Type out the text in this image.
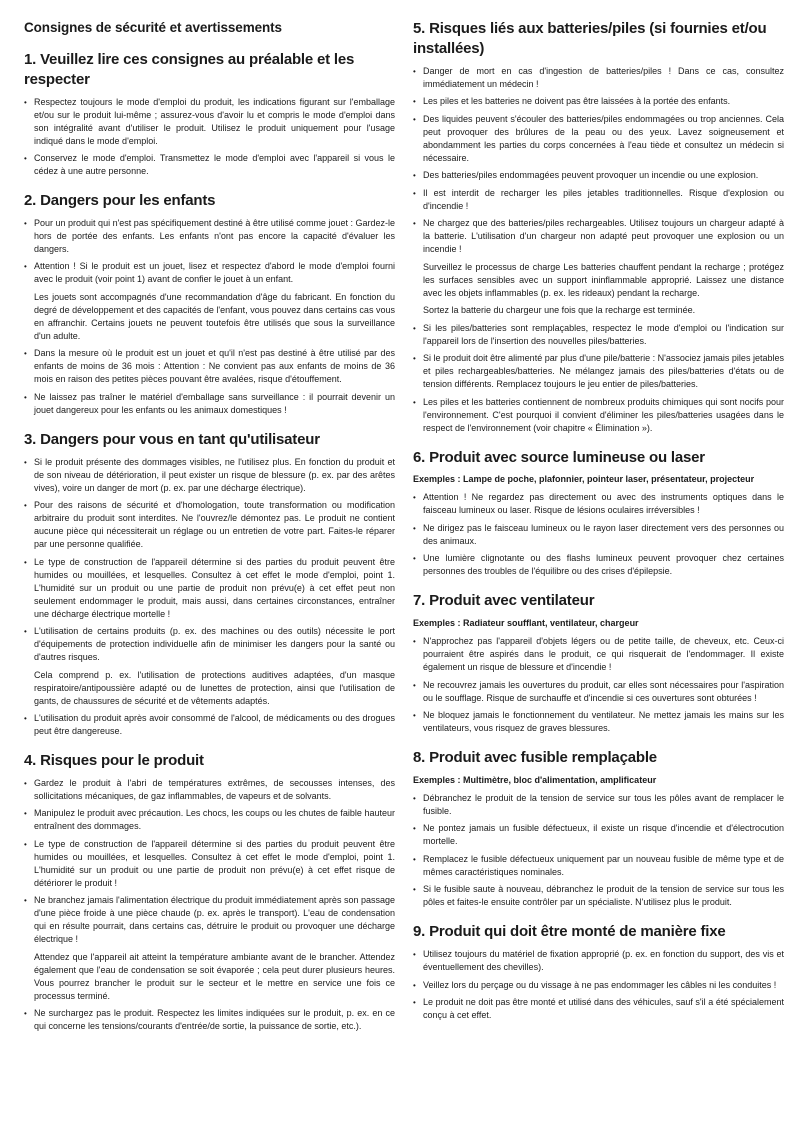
Consignes de sécurité et avertissements
1. Veuillez lire ces consignes au préalable et les respecter
• Respectez toujours le mode d'emploi du produit, les indications figurant sur l'emballage et/ou sur le produit lui-même ; assurez-vous d'avoir lu et compris le mode d'emploi dans son intégralité avant d'utiliser le produit. Utilisez le produit uniquement pour l'usage indiqué dans le mode d'emploi.
• Conservez le mode d'emploi. Transmettez le mode d'emploi avec l'appareil si vous le cédez à une autre personne.
2. Dangers pour les enfants
• Pour un produit qui n'est pas spécifiquement destiné à être utilisé comme jouet : Gardez-le hors de portée des enfants. Les enfants n'ont pas encore la capacité d'évaluer les dangers.
• Attention ! Si le produit est un jouet, lisez et respectez d'abord le mode d'emploi fourni avec le produit (voir point 1) avant de confier le jouet à un enfant.

Les jouets sont accompagnés d'une recommandation d'âge du fabricant. En fonction du degré de développement et des capacités de l'enfant, vous pouvez dans certains cas vous en affranchir. Certains jouets ne peuvent toutefois être utilisés que sous la surveillance d'un adulte.

• Dans la mesure où le produit est un jouet et qu'il n'est pas destiné à être utilisé par des enfants de moins de 36 mois : Attention : Ne convient pas aux enfants de moins de 36 mois en raison des petites pièces pouvant être avalées, risque d'étouffement.
• Ne laissez pas traîner le matériel d'emballage sans surveillance : il pourrait devenir un jouet dangereux pour les enfants ou les animaux domestiques !
3. Dangers pour vous en tant qu'utilisateur
• Si le produit présente des dommages visibles, ne l'utilisez plus. En fonction du produit et de son niveau de détérioration, il peut exister un risque de blessure (p. ex. par des arêtes vives), voire un danger de mort (p. ex. par une décharge électrique).
• Pour des raisons de sécurité et d'homologation, toute transformation ou modification arbitraire du produit sont interdites. Ne l'ouvrez/le démontez pas. Le produit ne contient aucune pièce qui nécessiterait un réglage ou un entretien de votre part. Faites-le réparer par une personne qualifiée.
• Le type de construction de l'appareil détermine si des parties du produit peuvent être humides ou mouillées, et lesquelles. Consultez à cet effet le mode d'emploi, point 1. L'humidité sur un produit ou une partie de produit non prévu(e) à cet effet peut non seulement endommager le produit, mais aussi, dans certaines circonstances, entraîner une décharge électrique mortelle !
• L'utilisation de certains produits (p. ex. des machines ou des outils) nécessite le port d'équipements de protection individuelle afin de minimiser les dangers pour la santé ou d'autres risques.

Cela comprend p. ex. l'utilisation de protections auditives adaptées, d'un masque respiratoire/antipoussière adapté ou de lunettes de protection, ainsi que l'utilisation de gants, de chaussures de sécurité et de vêtements adaptés.

• L'utilisation du produit après avoir consommé de l'alcool, de médicaments ou des drogues peut être dangereuse.
4. Risques pour le produit
• Gardez le produit à l'abri de températures extrêmes, de secousses intenses, des sollicitations mécaniques, de gaz inflammables, de vapeurs et de solvants.
• Manipulez le produit avec précaution. Les chocs, les coups ou les chutes de faible hauteur entraînent des dommages.
• Le type de construction de l'appareil détermine si des parties du produit peuvent être humides ou mouillées, et lesquelles. Consultez à cet effet le mode d'emploi, point 1. L'humidité sur un produit ou une partie de produit non prévu(e) à cet effet risque de détériorer le produit !
• Ne branchez jamais l'alimentation électrique du produit immédiatement après son passage d'une pièce froide à une pièce chaude (p. ex. après le transport). L'eau de condensation qui en résulte pourrait, dans certains cas, détruire le produit ou provoquer une décharge électrique !

Attendez que l'appareil ait atteint la température ambiante avant de le brancher. Attendez également que l'eau de condensation se soit évaporée ; cela peut durer plusieurs heures. Vous pourrez brancher le produit sur le secteur et le mettre en service une fois ce processus terminé.

• Ne surchargez pas le produit. Respectez les limites indiquées sur le produit, p. ex. en ce qui concerne les tensions/courants d'entrée/de sortie, la puissance de sortie, etc.).
5. Risques liés aux batteries/piles (si fournies et/ou installées)
• Danger de mort en cas d'ingestion de batteries/piles ! Dans ce cas, consultez immédiatement un médecin !
• Les piles et les batteries ne doivent pas être laissées à la portée des enfants.
• Des liquides peuvent s'écouler des batteries/piles endommagées ou trop anciennes. Cela peut provoquer des brûlures de la peau ou des yeux. Lavez soigneusement et abondamment les parties du corps concernées à l'eau tiède et consultez un médecin si nécessaire.
• Des batteries/piles endommagées peuvent provoquer un incendie ou une explosion.
• Il est interdit de recharger les piles jetables traditionnelles. Risque d'explosion ou d'incendie !
• Ne chargez que des batteries/piles rechargeables. Utilisez toujours un chargeur adapté à la batterie. L'utilisation d'un chargeur non adapté peut provoquer une explosion ou un incendie !

Surveillez le processus de charge Les batteries chauffent pendant la recharge ; protégez les surfaces sensibles avec un support ininflammable approprié. Laissez une distance avec les objets inflammables (p. ex. les rideaux) pendant la recharge.

Sortez la batterie du chargeur une fois que la recharge est terminée.

• Si les piles/batteries sont remplaçables, respectez le mode d'emploi ou l'indication sur l'appareil lors de l'insertion des nouvelles piles/batteries.
• Si le produit doit être alimenté par plus d'une pile/batterie : N'associez jamais piles jetables et piles rechargeables/batteries. Ne mélangez jamais des piles/batteries d'états ou de tension différents. Remplacez toujours le jeu entier de piles/batteries.
• Les piles et les batteries contiennent de nombreux produits chimiques qui sont nocifs pour l'environnement. C'est pourquoi il convient d'éliminer les piles/batteries usagées dans le respect de l'environnement (voir chapitre « Élimination »).
6. Produit avec source lumineuse ou laser

Exemples : Lampe de poche, plafonnier, pointeur laser, présentateur, projecteur

• Attention ! Ne regardez pas directement ou avec des instruments optiques dans le faisceau lumineux ou laser. Risque de lésions oculaires irréversibles !
• Ne dirigez pas le faisceau lumineux ou le rayon laser directement vers des personnes ou des animaux.
• Une lumière clignotante ou des flashs lumineux peuvent provoquer chez certaines personnes des troubles de l'équilibre ou des crises d'épilepsie.
7. Produit avec ventilateur

Exemples : Radiateur soufflant, ventilateur, chargeur

• N'approchez pas l'appareil d'objets légers ou de petite taille, de cheveux, etc. Ceux-ci pourraient être aspirés dans le produit, ce qui risquerait de l'endommager. Il existe également un risque de blessure et d'incendie !
• Ne recouvrez jamais les ouvertures du produit, car elles sont nécessaires pour l'aspiration ou le soufflage. Risque de surchauffe et d'incendie si ces ouvertures sont obturées !
• Ne bloquez jamais le fonctionnement du ventilateur. Ne mettez jamais les mains sur les ventilateurs, vous risquez de graves blessures.
8. Produit avec fusible remplaçable

Exemples : Multimètre, bloc d'alimentation, amplificateur

• Débranchez le produit de la tension de service sur tous les pôles avant de remplacer le fusible.
• Ne pontez jamais un fusible défectueux, il existe un risque d'incendie et d'électrocution mortelle.
• Remplacez le fusible défectueux uniquement par un nouveau fusible de même type et de mêmes caractéristiques nominales.
• Si le fusible saute à nouveau, débranchez le produit de la tension de service sur tous les pôles et faites-le ensuite contrôler par un spécialiste. N'utilisez plus le produit.
9. Produit qui doit être monté de manière fixe
• Utilisez toujours du matériel de fixation approprié (p. ex. en fonction du support, des vis et éventuellement des chevilles).
• Veillez lors du perçage ou du vissage à ne pas endommager les câbles ni les conduites !
• Le produit ne doit pas être monté et utilisé dans des véhicules, sauf s'il a été spécialement conçu à cet effet.
